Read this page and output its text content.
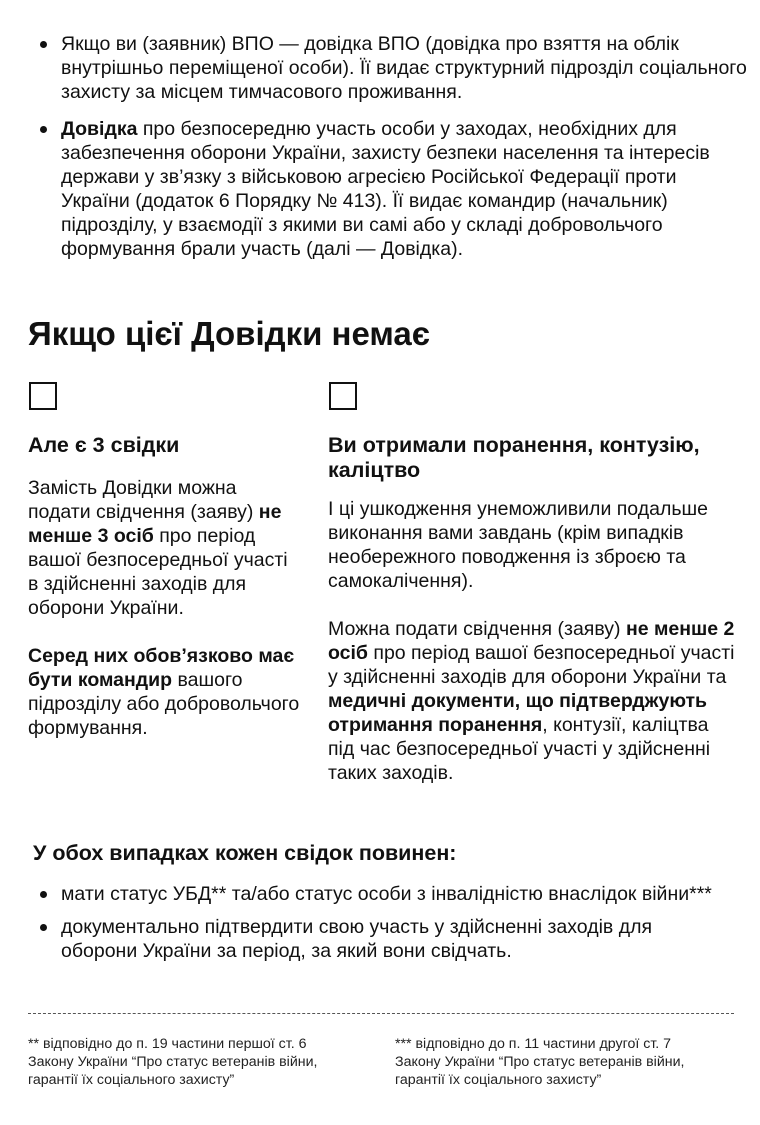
Якщо ви (заявник) ВПО — довідка ВПО (довідка про взяття на облік внутрішньо переміщеної особи). Її видає структурний підрозділ соціального захисту за місцем тимчасового проживання.
Довідка про безпосередню участь особи у заходах, необхідних для забезпечення оборони України, захисту безпеки населення та інтересів держави у зв’язку з військовою агресією Російської Федерації проти України (додаток 6 Порядку № 413). Її видає командир (начальник) підрозділу, у взаємодії з якими ви самі або у складі добровольчого формування брали участь (далі — Довідка).
Якщо цієї Довідки немає
Але є 3 свідки

Замість Довідки можна подати свідчення (заяву) не менше 3 осіб про період вашої безпосередньої участі в здійсненні заходів для оборони України.

Серед них обов’язково має бути командир вашого підрозділу або добровольчого формування.

Ви отримали поранення, контузію, каліцтво

І ці ушкодження унеможливили подальше виконання вами завдань (крім випадків необережного поводження із зброєю та самокалічення).

Можна подати свідчення (заяву) не менше 2 осіб про період вашої безпосередньої участі у здійсненні заходів для оборони України та медичні документи, що підтверджують отримання поранення, контузії, каліцтва під час безпосередньої участі у здійсненні таких заходів.

У обох випадках кожен свідок повинен:
мати статус УБД** та/або статус особи з інвалідністю внаслідок війни***
документально підтвердити свою участь у здійсненні заходів для оборони України за період, за який вони свідчать.
** відповідно до п. 19 частини першої ст. 6 Закону України “Про статус ветеранів війни, гарантії їх соціального захисту”
*** відповідно до п. 11 частини другої ст. 7 Закону України “Про статус ветеранів війни, гарантії їх соціального захисту”
